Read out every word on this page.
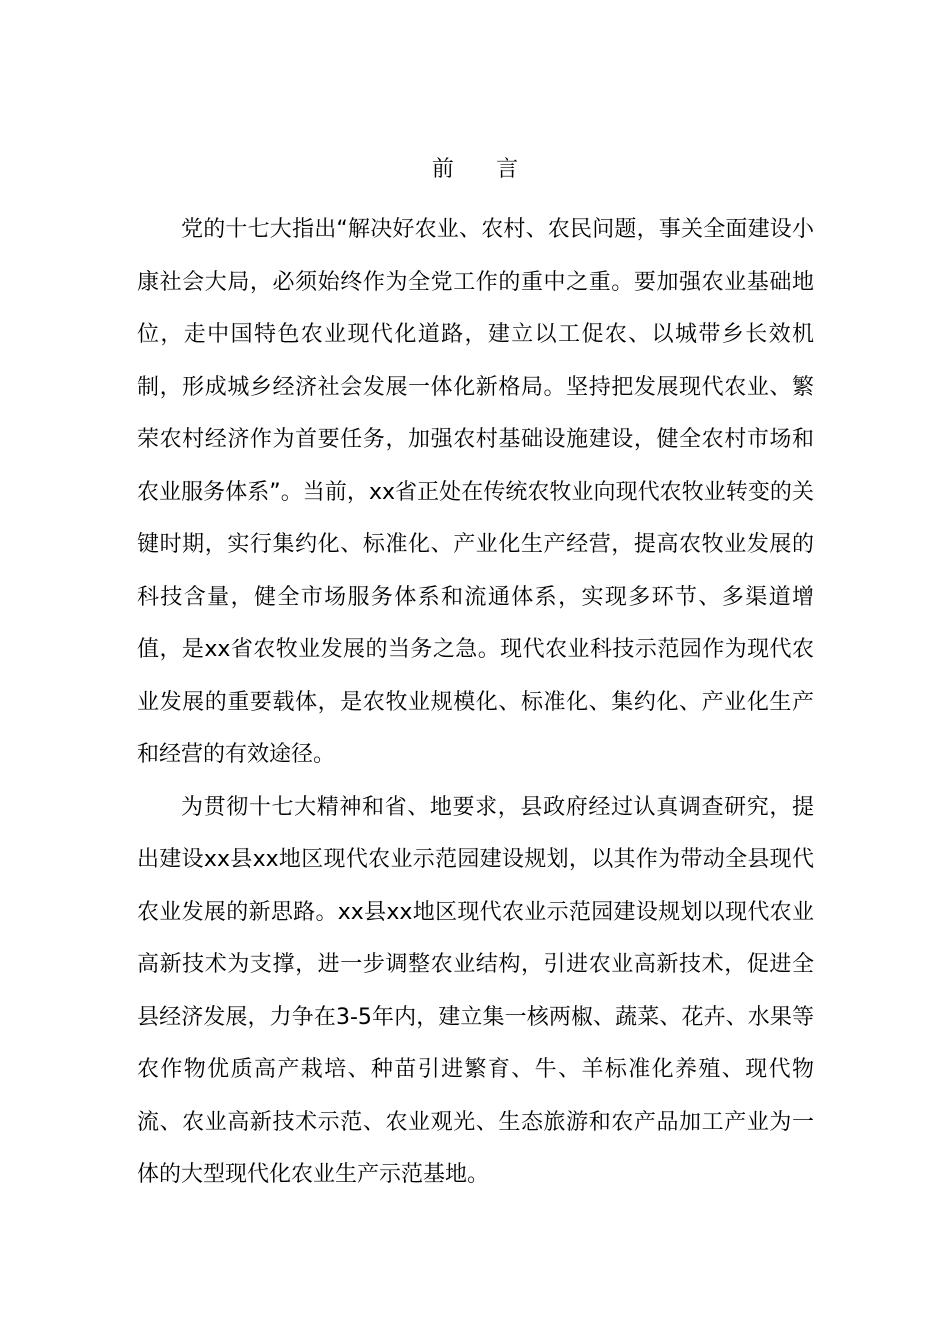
前 言

党的十七大指出“解决好农业、农村、农民问题，事关全面建设小康社会大局，必须始终作为全党工作的重中之重。要加强农业基础地位，走中国特色农业现代化道路，建立以工促农、以城带乡长效机制，形成城乡经济社会发展一体化新格局。坚持把发展现代农业、繁荣农村经济作为首要任务，加强农村基础设施建设，健全农村市场和农业服务体系”。当前，xx省正处在传统农牧业向现代农牧业转变的关键时期，实行集约化、标准化、产业化生产经营，提高农牧业发展的科技含量，健全市场服务体系和流通体系，实现多环节、多渠道增值，是xx省农牧业发展的当务之急。现代农业科技示范园作为现代农业发展的重要载体，是农牧业规模化、标准化、集约化、产业化生产和经营的有效途径。

为贯彻十七大精神和省、地要求，县政府经过认真调查研究，提出建设xx县xx地区现代农业示范园建设规划，以其作为带动全县现代农业发展的新思路。xx县xx地区现代农业示范园建设规划以现代农业高新技术为支撑，进一步调整农业结构，引进农业高新技术，促进全县经济发展，力争在3-5年内，建立集一核两椒、蔬菜、花卉、水果等农作物优质高产栽培、种苗引进繁育、牛、羊标准化养殖、现代物流、农业高新技术示范、农业观光、生态旅游和农产品加工产业为一体的大型现代化农业生产示范基地。
